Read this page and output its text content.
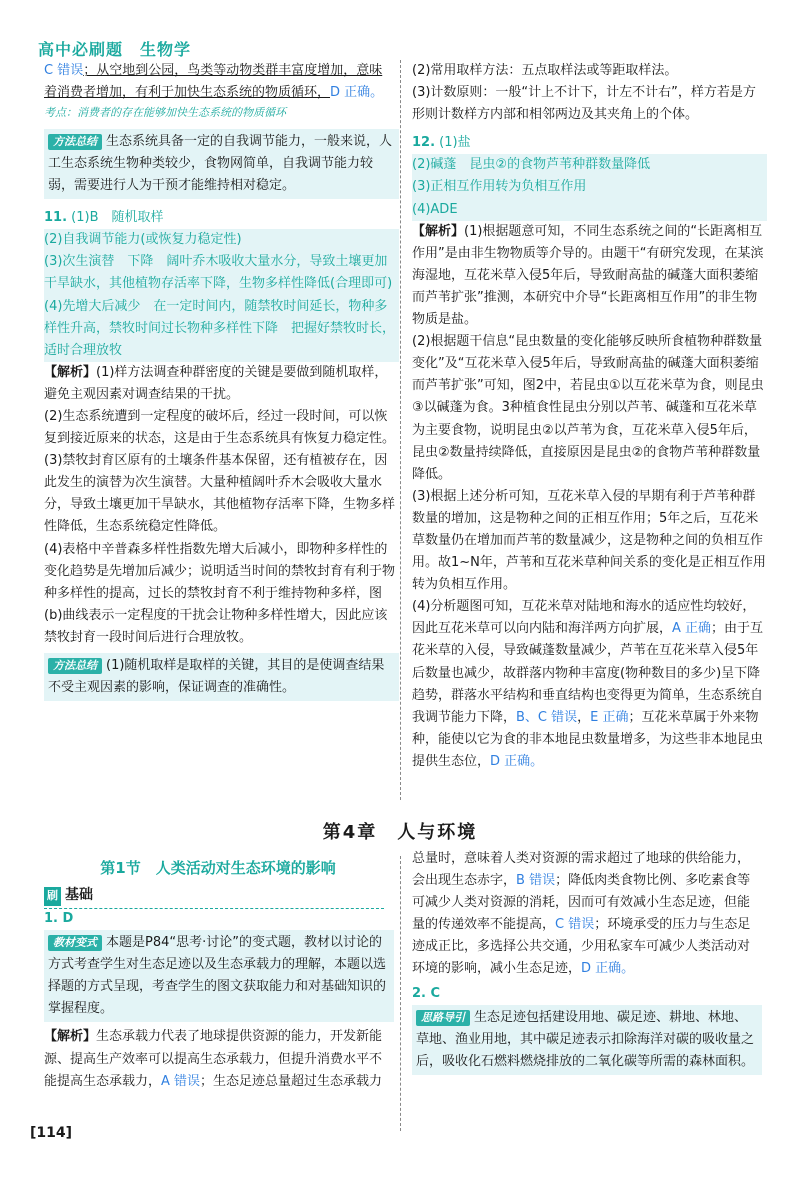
高中必刷题　生物学

C 错误；从空地到公园，鸟类等动物类群丰富度增加，意味
着消费者增加，有利于加快生态系统的物质循环，D 正确。

考点：消费者的存在能够加快生态系统的物质循环

方法总结 生态系统具备一定的自我调节能力，一般来说，人工生态系统生物种类较少，食物网简单，自我调节能力较弱，需要进行人为干预才能维持相对稳定。

11. (1)B　随机取样

(2)自我调节能力(或恢复力稳定性)

(3)次生演替　下降　阔叶乔木吸收大量水分，导致土壤更加干旱缺水，其他植物存活率下降，生物多样性降低(合理即可)

(4)先增大后减少　在一定时间内，随禁牧时间延长，物种多样性升高，禁牧时间过长物种多样性下降　把握好禁牧时长，适时合理放牧

【解析】(1)样方法调查种群密度的关键是要做到随机取样，避免主观因素对调查结果的干扰。

(2)生态系统遭到一定程度的破坏后，经过一段时间，可以恢复到接近原来的状态，这是由于生态系统具有恢复力稳定性。

(3)禁牧封育区原有的土壤条件基本保留，还有植被存在，因此发生的演替为次生演替。大量种植阔叶乔木会吸收大量水分，导致土壤更加干旱缺水，其他植物存活率下降，生物多样性降低，生态系统稳定性降低。

(4)表格中辛普森多样性指数先增大后减小，即物种多样性的变化趋势是先增加后减少；说明适当时间的禁牧封育有利于物种多样性的提高，过长的禁牧封育不利于维持物种多样，图(b)曲线表示一定程度的干扰会让物种多样性增大，因此应该禁牧封育一段时间后进行合理放牧。

方法总结 (1)随机取样是取样的关键，其目的是使调查结果不受主观因素的影响，保证调查的准确性。

(2)常用取样方法：五点取样法或等距取样法。

(3)计数原则：一般“计上不计下，计左不计右”，样方若是方形则计数样方内部和相邻两边及其夹角上的个体。

12. (1)盐

(2)碱蓬　昆虫②的食物芦苇种群数量降低

(3)正相互作用转为负相互作用

(4)ADE

【解析】(1)根据题意可知，不同生态系统之间的“长距离相互作用”是由非生物物质等介导的。由题干“有研究发现，在某滨海湿地，互花米草入侵5年后，导致耐高盐的碱蓬大面积萎缩而芦苇扩张”推测，本研究中介导“长距离相互作用”的非生物物质是盐。

(2)根据题干信息“昆虫数量的变化能够反映所食植物种群数量变化”及“互花米草入侵5年后，导致耐高盐的碱蓬大面积萎缩而芦苇扩张”可知，图2中，若昆虫①以互花米草为食，则昆虫③以碱蓬为食。3种植食性昆虫分别以芦苇、碱蓬和互花米草为主要食物，说明昆虫②以芦苇为食，互花米草入侵5年后，昆虫②数量持续降低，直接原因是昆虫②的食物芦苇种群数量降低。

(3)根据上述分析可知，互花米草入侵的早期有利于芦苇种群数量的增加，这是物种之间的正相互作用；5年之后，互花米草数量仍在增加而芦苇的数量减少，这是物种之间的负相互作用。故1~N年，芦苇和互花米草种间关系的变化是正相互作用转为负相互作用。

(4)分析题图可知，互花米草对陆地和海水的适应性均较好，因此互花米草可以向内陆和海洋两方向扩展，A 正确；由于互花米草的入侵，导致碱蓬数量减少，芦苇在互花米草入侵5年后数量也减少，故群落内物种丰富度(物种数目的多少)呈下降趋势，群落水平结构和垂直结构也变得更为简单，生态系统自我调节能力下降，B、C 错误，E 正确；互花米草属于外来物种，能使以它为食的非本地昆虫数量增多，为这些非本地昆虫提供生态位，D 正确。

第4章　人与环境
第1节　人类活动对生态环境的影响
刷 基础

1. D

教材变式 本题是P84“思考·讨论”的变式题，教材以讨论的方式考查学生对生态足迹以及生态承载力的理解，本题以选择题的方式呈现，考查学生的图文获取能力和对基础知识的掌握程度。

【解析】生态承载力代表了地球提供资源的能力，开发新能源、提高生产效率可以提高生态承载力，但提升消费水平不能提高生态承载力，A 错误；生态足迹总量超过生态承载力

总量时，意味着人类对资源的需求超过了地球的供给能力，会出现生态赤字，B 错误；降低肉类食物比例、多吃素食等可减少人类对资源的消耗，因而可有效减小生态足迹，但能量的传递效率不能提高，C 错误；环境承受的压力与生态足迹成正比，多选择公共交通，少用私家车可减少人类活动对环境的影响，减小生态足迹，D 正确。

2. C

思路导引 生态足迹包括建设用地、碳足迹、耕地、林地、草地、渔业用地，其中碳足迹表示扣除海洋对碳的吸收量之后，吸收化石燃料燃烧排放的二氧化碳等所需的森林面积。

[114]
